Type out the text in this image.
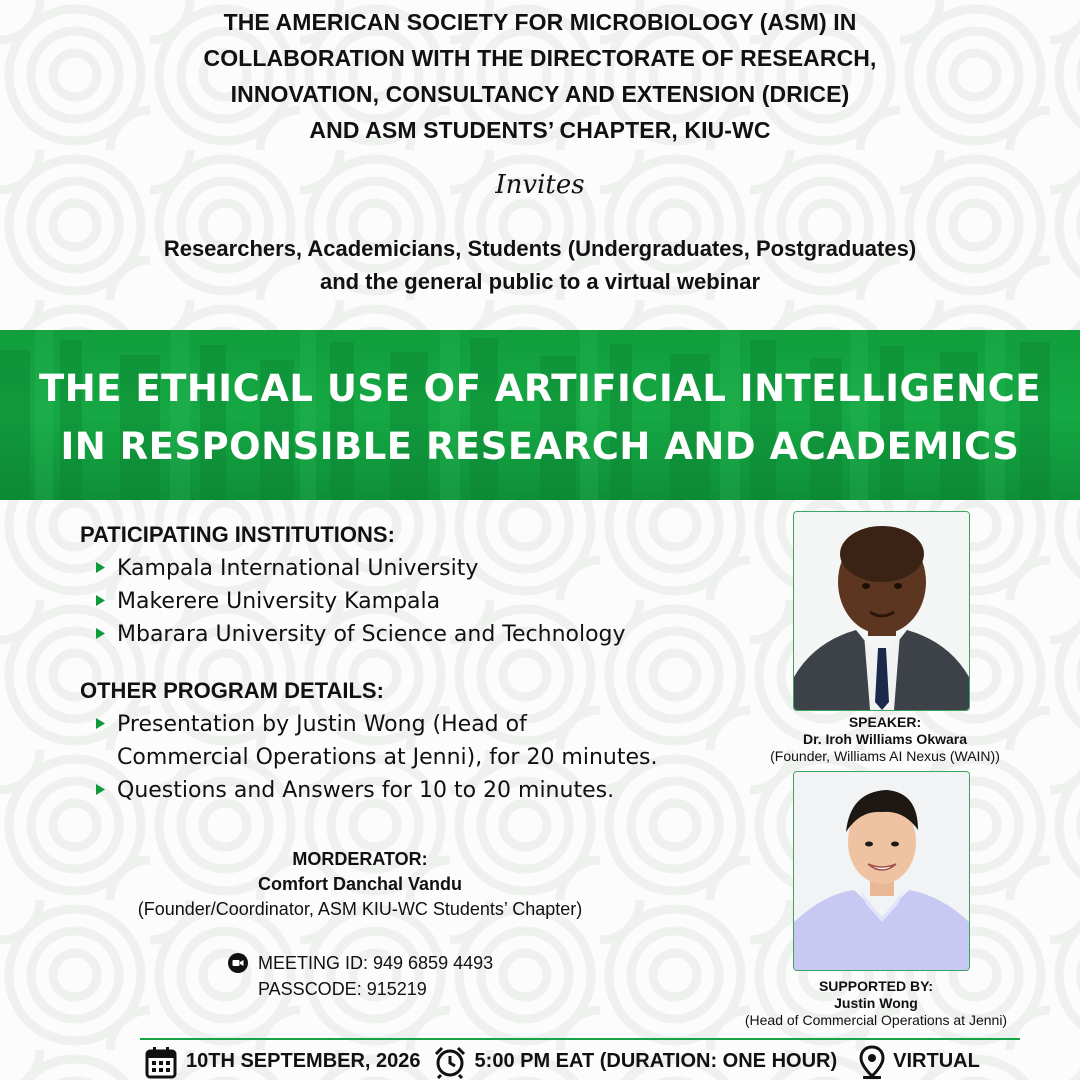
THE AMERICAN SOCIETY FOR MICROBIOLOGY (ASM) IN
COLLABORATION WITH THE DIRECTORATE OF RESEARCH,
INNOVATION, CONSULTANCY AND EXTENSION (DRICE)
AND ASM STUDENTS’ CHAPTER, KIU-WC
Invites
Researchers, Academicians, Students (Undergraduates, Postgraduates)
and the general public to a virtual webinar
THE ETHICAL USE OF ARTIFICIAL INTELLIGENCE
IN RESPONSIBLE RESEARCH AND ACADEMICS
PATICIPATING INSTITUTIONS:
Kampala International University
Makerere University Kampala
Mbarara University of Science and Technology
OTHER PROGRAM DETAILS:
Presentation by Justin Wong (Head of
Commercial Operations at Jenni), for 20 minutes.
Questions and Answers for 10 to 20 minutes.
MORDERATOR:
Comfort Danchal Vandu
(Founder/Coordinator, ASM KIU-WC Students’ Chapter)
MEETING ID: 949 6859 4493
PASSCODE: 915219
SPEAKER:
Dr. Iroh Williams Okwara
(Founder, Williams AI Nexus (WAIN))
SUPPORTED BY:
Justin Wong
(Head of Commercial Operations at Jenni)
10TH SEPTEMBER, 2026	5:00 PM EAT (DURATION: ONE HOUR)	VIRTUAL
